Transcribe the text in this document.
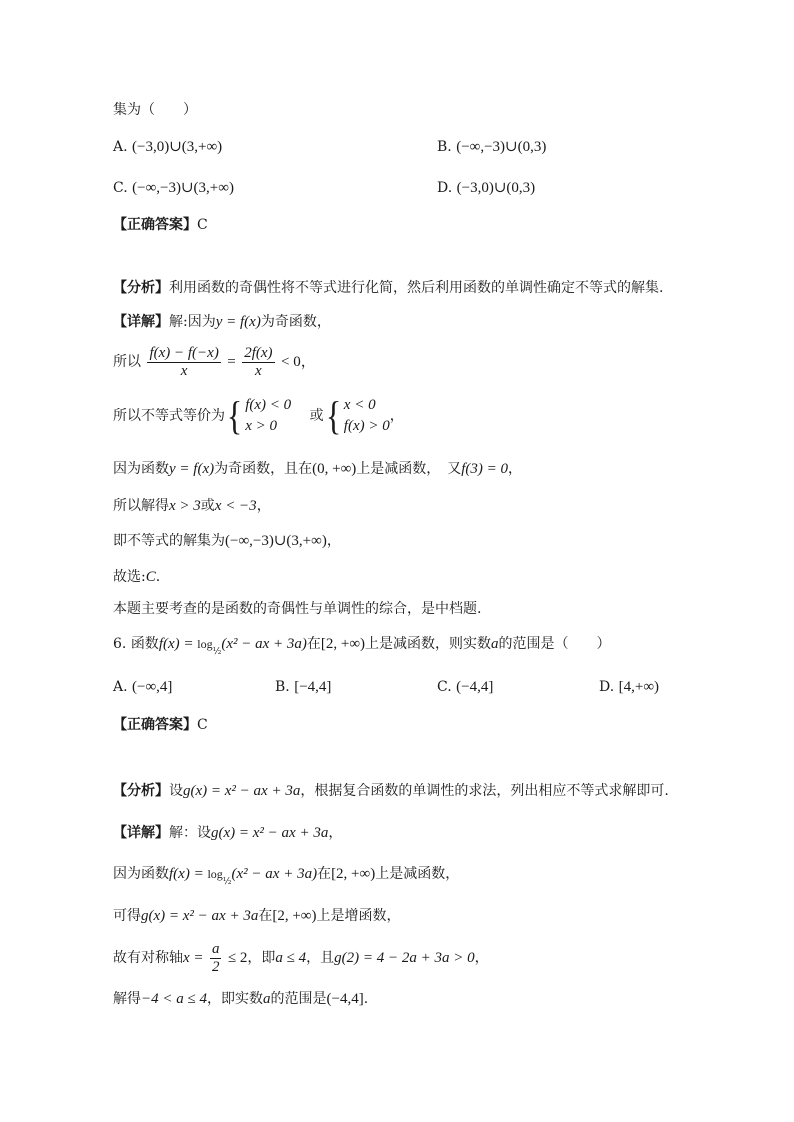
集为（　　）
A. (−3,0)∪(3,+∞)	B. (−∞,−3)∪(0,3)
C. (−∞,−3)∪(3,+∞)	D. (−3,0)∪(0,3)
【正确答案】C
【分析】利用函数的奇偶性将不等式进行化简，然后利用函数的单调性确定不等式的解集.
【详解】解:因为y = f(x)为奇函数，
所以 $\frac{f(x) - f(-x)}{x} = \frac{2f(x)}{x} < 0$，
所以不等式等价为{ f(x) < 0
x > 0
或{ x < 0
f(x) > 0
，
因为函数y = f(x)为奇函数，且在(0, +∞)上是减函数，　又f(3) = 0，
所以解得x > 3或x < −3，
即不等式的解集为(−∞,−3)∪(3,+∞)，
故选:C.
本题主要考查的是函数的奇偶性与单调性的综合，是中档题.
6. 函数$f(x) = \log_{\frac{1}{2}}(x^2$ − ax + 3a)在[2, +∞)上是减函数，则实数a的范围是（　　）
A. (−∞,4]	B. [−4,4]	C. (−4,4]	D. [4,+∞)
【正确答案】C
【分析】设g(x) = x² − ax + 3a，根据复合函数的单调性的求法，列出相应不等式求解即可.
【详解】解：设g(x) = x² − ax + 3a，
因为函数$f(x) = \log_{\frac{1}{2}}(x^2$ − ax + 3a)在[2, +∞)上是减函数，
可得g(x) = x² − ax + 3a在[2, +∞)上是增函数，
故有对称轴$x = \frac{a}{2} \le 2$，即a ≤ 4，且g(2) = 4 − 2a + 3a > 0，
解得−4 < a ≤ 4，即实数a的范围是(−4,4].
